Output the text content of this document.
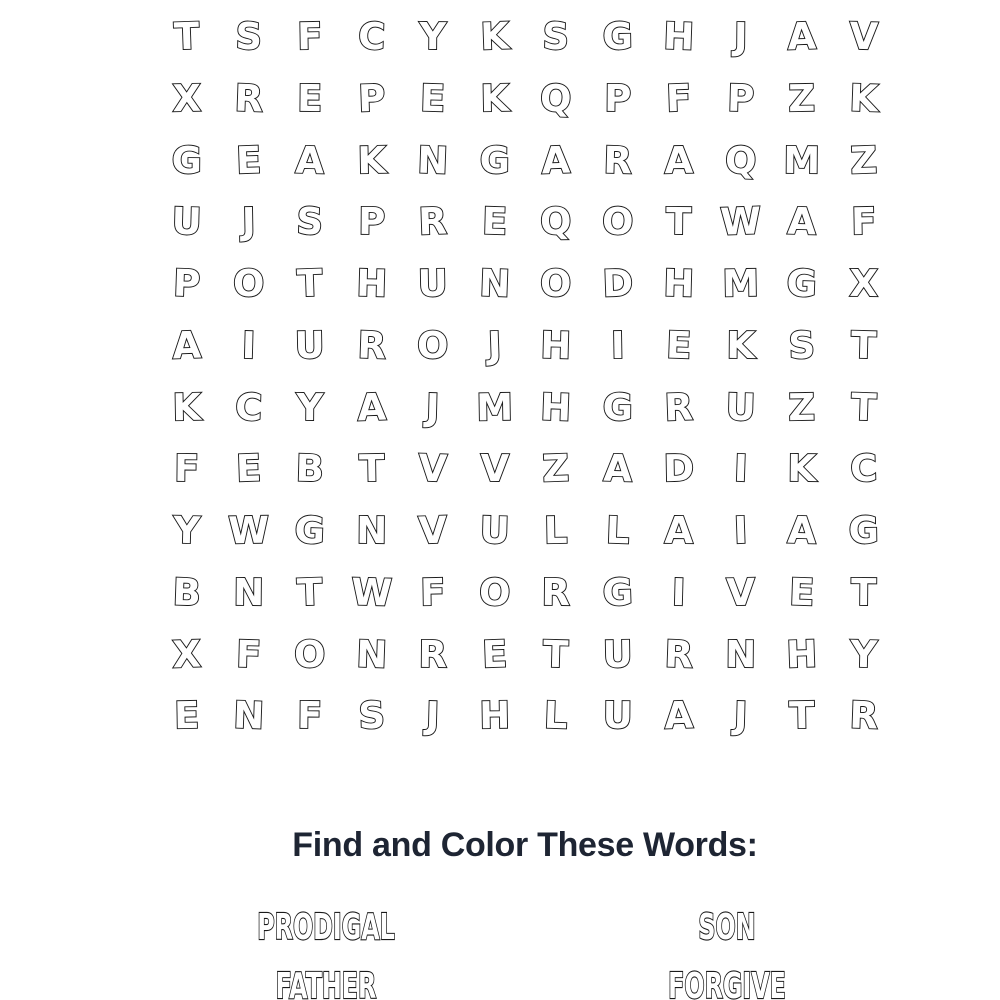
T S F C Y K S G H	J	A V
X R E P E K Q P F P Z K
G E A K N G A R A Q M Z
U	J	S P R E Q O T W A F
P O T H U N O D H M G X
A	I	U R O	J	H	I	E K S T
K C Y A	J M H G R U Z T
F E B T V V Z A D	I	K C
Y W G N V U L L A	I	A G
B N T W F O R G	I	V E T
X F O N R E T U R N H Y
E N F S	J	H L U A	J	T R
Find and Color These Words:
PRODIGAL	SON
FATHER	FORGIVE
